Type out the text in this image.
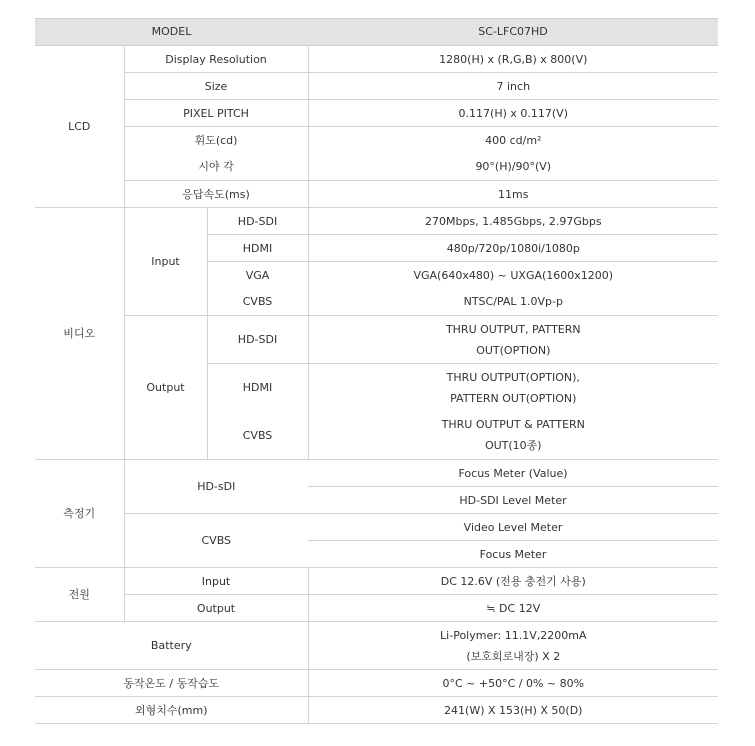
MODEL			SC-LFC07HD
LCD	Display Resolution		1280(H) x (R,G,B) x 800(V)
	Size		7 inch
	PIXEL PITCH		0.117(H) x 0.117(V)
	휘도(cd)		400 cd/m²
	시야 각		90°(H)/90°(V)
	응답속도(ms)		11ms
비디오	Input	HD-SDI	270Mbps, 1.485Gbps, 2.97Gbps
		HDMI	480p/720p/1080i/1080p
		VGA	VGA(640x480) ~ UXGA(1600x1200)
		CVBS	NTSC/PAL 1.0Vp-p
	Output	HD-SDI	THRU OUTPUT, PATTERN
OUT(OPTION)

		HDMI	THRU OUTPUT(OPTION),
PATTERN OUT(OPTION)

		CVBS	THRU OUTPUT & PATTERN
OUT(10종)

측정기	HD-sDI		Focus Meter (Value)
			HD-SDI Level Meter
	CVBS		Video Level Meter
			Focus Meter
전원	Input		DC 12.6V (전용 충전기 사용)
	Output		≒ DC 12V
Battery			Li-Polymer: 11.1V,2200mA
(보호회로내장) X 2

동작온도 / 동작습도			0°C ~ +50°C / 0% ~ 80%
외형치수(mm)			241(W) X 153(H) X 50(D)
